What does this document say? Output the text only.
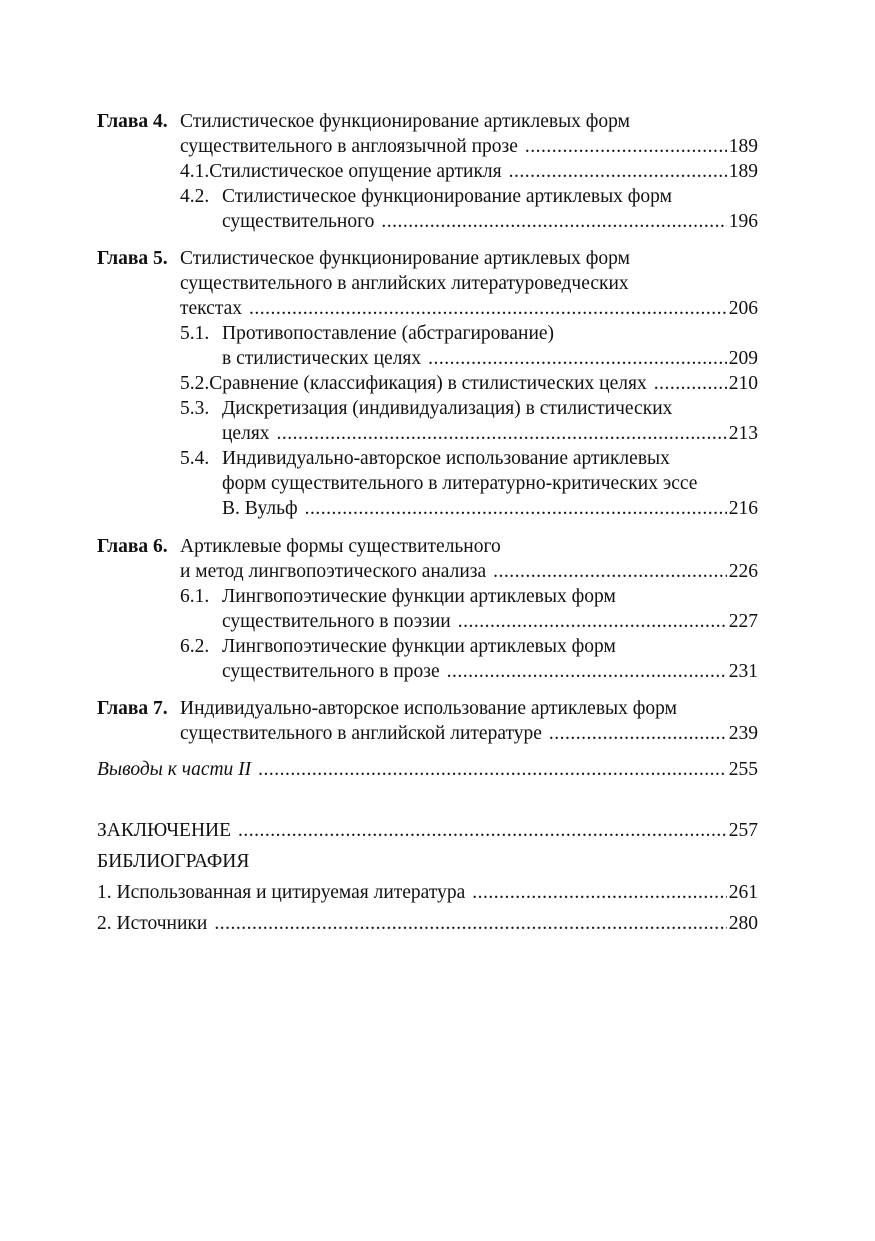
Глава 4. Стилистическое функционирование артиклевых форм
существительного в англоязычной прозе .....	189
4.1. Стилистическое опущение артикля .....	189
4.2. Стилистическое функционирование артиклевых форм
существительного .....	196
Глава 5. Стилистическое функционирование артиклевых форм
существительного в английских литературоведческих
текстах .....	206
5.1. Противопоставление (абстрагирование)
в стилистических целях .....	209
5.2. Сравнение (классификация) в стилистических целях .....	210
5.3. Дискретизация (индивидуализация) в стилистических
целях .....	213
5.4. Индивидуально-авторское использование артиклевых
форм существительного в литературно-критических эссе
В. Вульф .....	216
Глава 6. Артиклевые формы существительного
и метод лингвопоэтического анализа .....	226
6.1. Лингвопоэтические функции артиклевых форм
существительного в поэзии .....	227
6.2. Лингвопоэтические функции артиклевых форм
существительного в прозе .....	231
Глава 7. Индивидуально-авторское использование артиклевых форм
существительного в английской литературе .....	239
Выводы к части II .....	255
ЗАКЛЮЧЕНИЕ .....	257
БИБЛИОГРАФИЯ
1. Использованная и цитируемая литература .....	261
2. Источники .....	280
